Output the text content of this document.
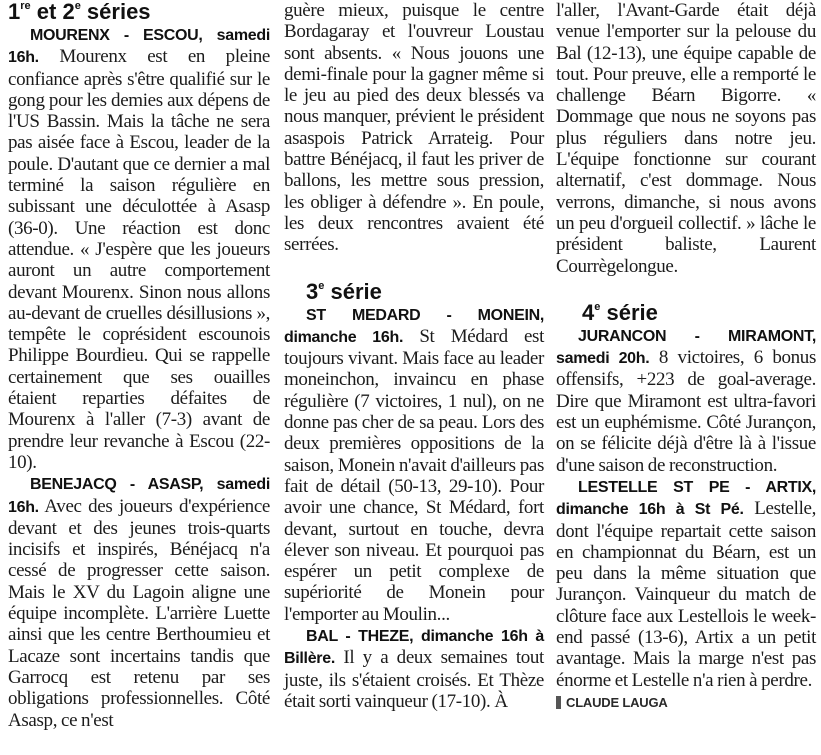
1re et 2e séries

MOURENX - ESCOU, samedi 16h. Mourenx est en pleine confiance après s'être qualifié sur le gong pour les demies aux dépens de l'US Bassin. Mais la tâche ne sera pas aisée face à Escou, leader de la poule. D'autant que ce dernier a mal terminé la saison régulière en subissant une déculottée à Asasp (36-0). Une réaction est donc attendue. « J'espère que les joueurs auront un autre comportement devant Mourenx. Sinon nous allons au-devant de cruelles désillusions », tempête le coprésident escounois Philippe Bourdieu. Qui se rappelle certainement que ses ouailles étaient reparties défaites de Mourenx à l'aller (7-3) avant de prendre leur revanche à Escou (22-10).

BENEJACQ - ASASP, samedi 16h. Avec des joueurs d'expérience devant et des jeunes trois-quarts incisifs et inspirés, Bénéjacq n'a cessé de progresser cette saison. Mais le XV du Lagoin aligne une équipe incomplète. L'arrière Luette ainsi que les centre Berthoumieu et Lacaze sont incertains tandis que Garrocq est retenu par ses obligations professionnelles. Côté Asasp, ce n'est

guère mieux, puisque le centre Bordagaray et l'ouvreur Loustau sont absents. « Nous jouons une demi-finale pour la gagner même si le jeu au pied des deux blessés va nous manquer, prévient le président asaspois Patrick Arrateig. Pour battre Bénéjacq, il faut les priver de ballons, les mettre sous pression, les obliger à défendre ». En poule, les deux rencontres avaient été serrées.

3e série

ST MEDARD - MONEIN, dimanche 16h. St Médard est toujours vivant. Mais face au leader moneinchon, invaincu en phase régulière (7 victoires, 1 nul), on ne donne pas cher de sa peau. Lors des deux premières oppositions de la saison, Monein n'avait d'ailleurs pas fait de détail (50-13, 29-10). Pour avoir une chance, St Médard, fort devant, surtout en touche, devra élever son niveau. Et pourquoi pas espérer un petit complexe de supériorité de Monein pour l'emporter au Moulin...

BAL - THEZE, dimanche 16h à Billère. Il y a deux semaines tout juste, ils s'étaient croisés. Et Thèze était sorti vainqueur (17-10). À

l'aller, l'Avant-Garde était déjà venue l'emporter sur la pelouse du Bal (12-13), une équipe capable de tout. Pour preuve, elle a remporté le challenge Béarn Bigorre. « Dommage que nous ne soyons pas plus réguliers dans notre jeu. L'équipe fonctionne sur courant alternatif, c'est dommage. Nous verrons, dimanche, si nous avons un peu d'orgueil collectif. » lâche le président baliste, Laurent Courrègelongue.

4e série

JURANCON - MIRAMONT, samedi 20h. 8 victoires, 6 bonus offensifs, +223 de goal-average. Dire que Miramont est ultra-favori est un euphémisme. Côté Jurançon, on se félicite déjà d'être là à l'issue d'une saison de reconstruction.

LESTELLE ST PE - ARTIX, dimanche 16h à St Pé. Lestelle, dont l'équipe repartait cette saison en championnat du Béarn, est un peu dans la même situation que Jurançon. Vainqueur du match de clôture face aux Lestellois le week-end passé (13-6), Artix a un petit avantage. Mais la marge n'est pas énorme et Lestelle n'a rien à perdre.

CLAUDE LAUGA
